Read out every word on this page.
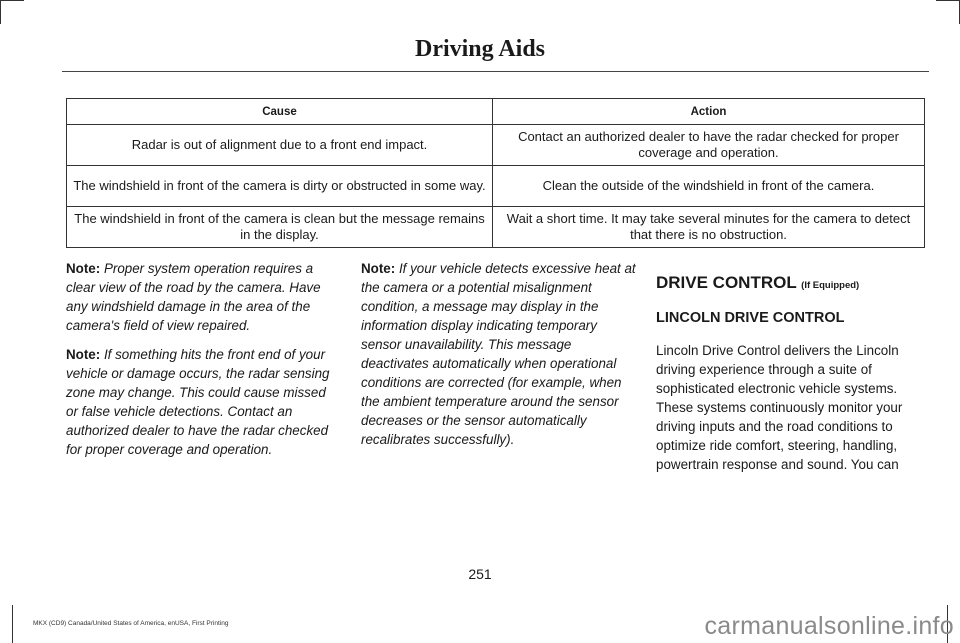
Driving Aids
Cause	Action
Radar is out of alignment due to a front end impact.	Contact an authorized dealer to have the radar checked for proper coverage and operation.
The windshield in front of the camera is dirty or obstructed in some way.	Clean the outside of the windshield in front of the camera.
The windshield in front of the camera is clean but the message remains in the display.	Wait a short time. It may take several minutes for the camera to detect that there is no obstruction.

Note: Proper system operation requires a clear view of the road by the camera. Have any windshield damage in the area of the camera's field of view repaired.

Note: If something hits the front end of your vehicle or damage occurs, the radar sensing zone may change. This could cause missed or false vehicle detections. Contact an authorized dealer to have the radar checked for proper coverage and operation.

Note: If your vehicle detects excessive heat at the camera or a potential misalignment condition, a message may display in the information display indicating temporary sensor unavailability. This message deactivates automatically when operational conditions are corrected (for example, when the ambient temperature around the sensor decreases or the sensor automatically recalibrates successfully).

DRIVE CONTROL (If Equipped)
LINCOLN DRIVE CONTROL

Lincoln Drive Control delivers the Lincoln driving experience through a suite of sophisticated electronic vehicle systems. These systems continuously monitor your driving inputs and the road conditions to optimize ride comfort, steering, handling, powertrain response and sound. You can

251
MKX (CD9) Canada/United States of America, enUSA, First Printing	carmanualsonline.info
